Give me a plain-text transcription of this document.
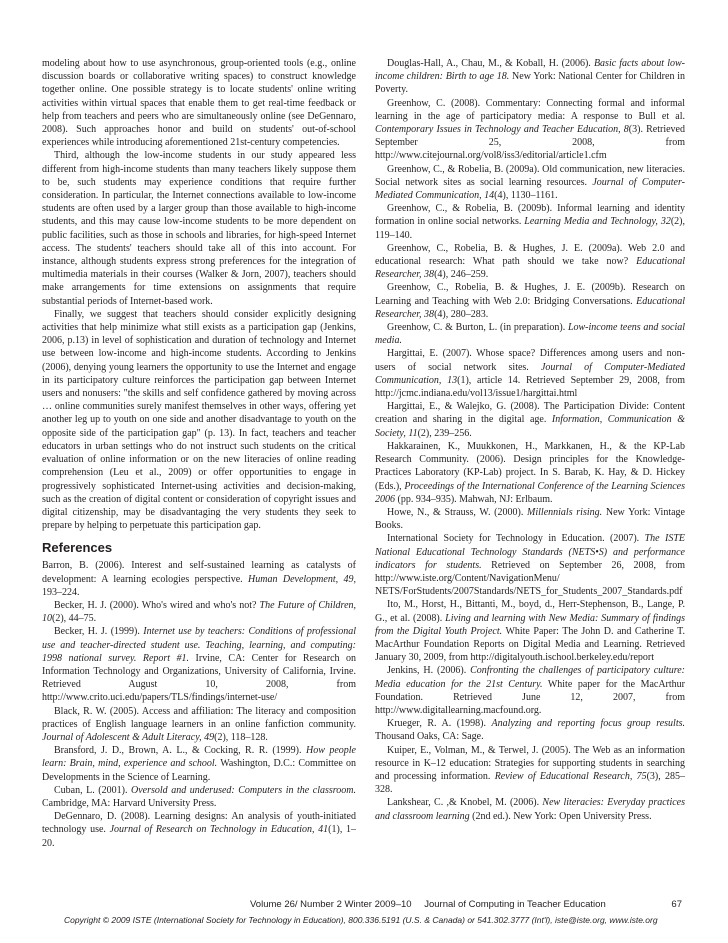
modeling about how to use asynchronous, group-oriented tools (e.g., online discussion boards or collaborative writing spaces) to construct knowledge together online. One possible strategy is to locate students' online writing activities within virtual spaces that enable them to get real-time feedback or help from teachers and peers who are simultaneously online (see DeGennaro, 2008). Such approaches honor and build on students' out-of-school experiences while introducing aforementioned 21st-century competencies.

Third, although the low-income students in our study appeared less different from high-income students than many teachers likely suppose them to be, such students may experience conditions that require further consideration. In particular, the Internet connections available to low-income students are often used by a larger group than those available to high-income students, and this may cause low-income students to be more dependent on public facilities, such as those in schools and libraries, for high-speed Internet access. The students' teachers should take all of this into account. For instance, although students express strong preferences for the integration of multimedia materials in their courses (Walker & Jorn, 2007), teachers should make arrangements for time extensions on assignments that require substantial periods of Internet-based work.

Finally, we suggest that teachers should consider explicitly designing activities that help minimize what still exists as a participation gap (Jenkins, 2006, p.13) in level of sophistication and duration of technology and Internet use between low-income and high-income students. According to Jenkins (2006), denying young learners the opportunity to use the Internet and engage in its participatory culture reinforces the participation gap between Internet users and nonusers: "the skills and self confidence gathered by moving across … online communities surely manifest themselves in other ways, offering yet another leg up to youth on one side and another disadvantage to youth on the opposite side of the participation gap" (p. 13). In fact, teachers and teacher educators in urban settings who do not instruct such students on the critical evaluation of online information or on the new literacies of online reading comprehension (Leu et al., 2009) or offer opportunities to engage in progressively sophisticated Internet-using activities and decision-making, such as the creation of digital content or consideration of copyright issues and digital citizenship, may be disadvantaging the very students they seek to prepare by helping to perpetuate this participation gap.

References

Barron, B. (2006). Interest and self-sustained learning as catalysts of development: A learning ecologies perspective. Human Development, 49, 193–224.

Becker, H. J. (2000). Who's wired and who's not? The Future of Children, 10(2), 44–75.

Becker, H. J. (1999). Internet use by teachers: Conditions of professional use and teacher-directed student use. Teaching, learning, and computing: 1998 national survey. Report #1. Irvine, CA: Center for Research on Information Technology and Organizations, University of California, Irvine. Retrieved August 10, 2008, from http://www.crito.uci.edu/papers/TLS/findings/internet-use/

Black, R. W. (2005). Access and affiliation: The literacy and composition practices of English language learners in an online fanfiction community. Journal of Adolescent & Adult Literacy, 49(2), 118–128.

Bransford, J. D., Brown, A. L., & Cocking, R. R. (1999). How people learn: Brain, mind, experience and school. Washington, D.C.: Committee on Developments in the Science of Learning.

Cuban, L. (2001). Oversold and underused: Computers in the classroom. Cambridge, MA: Harvard University Press.

DeGennaro, D. (2008). Learning designs: An analysis of youth-initiated technology use. Journal of Research on Technology in Education, 41(1), 1–20.

Douglas-Hall, A., Chau, M., & Koball, H. (2006). Basic facts about low-income children: Birth to age 18. New York: National Center for Children in Poverty.

Greenhow, C. (2008). Commentary: Connecting formal and informal learning in the age of participatory media: A response to Bull et al. Contemporary Issues in Technology and Teacher Education, 8(3). Retrieved September 25, 2008, from http://www.citejournal.org/vol8/iss3/editorial/article1.cfm

Greenhow, C., & Robelia, B. (2009a). Old communication, new literacies. Social network sites as social learning resources. Journal of Computer-Mediated Communication, 14(4), 1130–1161.

Greenhow, C., & Robelia, B. (2009b). Informal learning and identity formation in online social networks. Learning Media and Technology, 32(2), 119–140.

Greenhow, C., Robelia, B. & Hughes, J. E. (2009a). Web 2.0 and educational research: What path should we take now? Educational Researcher, 38(4), 246–259.

Greenhow, C., Robelia, B. & Hughes, J. E. (2009b). Research on Learning and Teaching with Web 2.0: Bridging Conversations. Educational Researcher, 38(4), 280–283.

Greenhow, C. & Burton, L. (in preparation). Low-income teens and social media.

Hargittai, E. (2007). Whose space? Differences among users and non-users of social network sites. Journal of Computer-Mediated Communication, 13(1), article 14. Retrieved September 29, 2008, from http://jcmc.indiana.edu/vol13/issue1/hargittai.html

Hargittai, E., & Walejko, G. (2008). The Participation Divide: Content creation and sharing in the digital age. Information, Communication & Society, 11(2), 239–256.

Hakkarainen, K., Muukkonen, H., Markkanen, H., & the KP-Lab Research Community. (2006). Design principles for the Knowledge-Practices Laboratory (KP-Lab) project. In S. Barab, K. Hay, & D. Hickey (Eds.), Proceedings of the International Conference of the Learning Sciences 2006 (pp. 934–935). Mahwah, NJ: Erlbaum.

Howe, N., & Strauss, W. (2000). Millennials rising. New York: Vintage Books.

International Society for Technology in Education. (2007). The ISTE National Educational Technology Standards (NETS•S) and performance indicators for students. Retrieved on September 26, 2008, from http://www.iste.org/Content/NavigationMenu/ NETS/ForStudents/2007Standards/NETS_for_Students_2007_Standards.pdf

Ito, M., Horst, H., Bittanti, M., boyd, d., Herr-Stephenson, B., Lange, P. G., et al. (2008). Living and learning with New Media: Summary of findings from the Digital Youth Project. White Paper: The John D. and Catherine T. MacArthur Foundation Reports on Digital Media and Learning. Retrieved January 30, 2009, from http://digitalyouth.ischool.berkeley.edu/report

Jenkins, H. (2006). Confronting the challenges of participatory culture: Media education for the 21st Century. White paper for the MacArthur Foundation. Retrieved June 12, 2007, from http://www.digitallearning.macfound.org.

Krueger, R. A. (1998). Analyzing and reporting focus group results. Thousand Oaks, CA: Sage.

Kuiper, E., Volman, M., & Terwel, J. (2005). The Web as an information resource in K–12 education: Strategies for supporting students in searching and processing information. Review of Educational Research, 75(3), 285–328.

Lankshear, C. ,& Knobel, M. (2006). New literacies: Everyday practices and classroom learning (2nd ed.). New York: Open University Press.

Volume 26/ Number 2 Winter 2009–10 Journal of Computing in Teacher Education	67
Copyright © 2009 ISTE (International Society for Technology in Education), 800.336.5191 (U.S. & Canada) or 541.302.3777 (Int'l), iste@iste.org, www.iste.org
